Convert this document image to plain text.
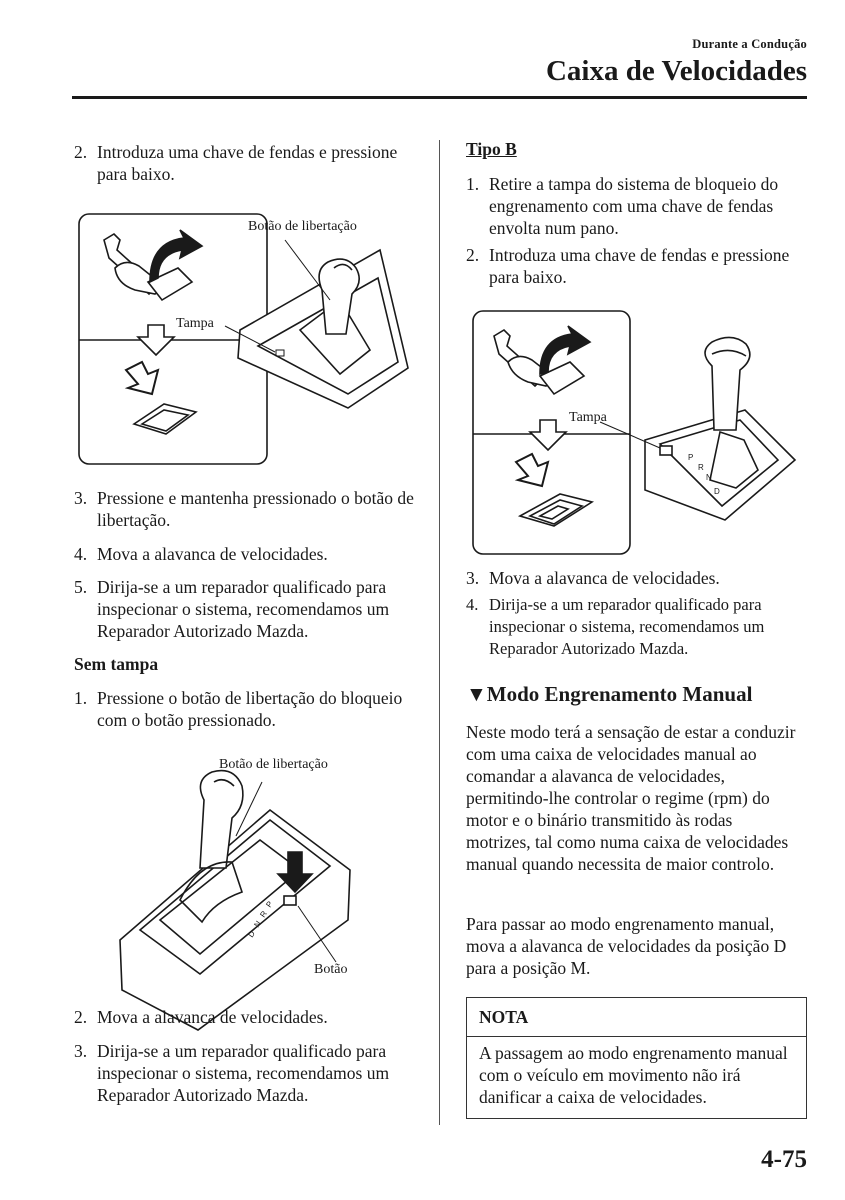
Durante a Condução
Caixa de Velocidades
2. Introduza uma chave de fendas e pressione para baixo.
Botão de libertação
Tampa
3. Pressione e mantenha pressionado o botão de libertação.
4. Mova a alavanca de velocidades.
5. Dirija-se a um reparador qualificado para inspecionar o sistema, recomendamos um Reparador Autorizado Mazda.
Sem tampa
1. Pressione o botão de libertação do bloqueio com o botão pressionado.
P
R
N
D
Botão de libertação
Botão
2. Mova a alavanca de velocidades.
3. Dirija-se a um reparador qualificado para inspecionar o sistema, recomendamos um Reparador Autorizado Mazda.
Tipo B
1. Retire a tampa do sistema de bloqueio do engrenamento com uma chave de fendas envolta num pano.
2. Introduza uma chave de fendas e pressione para baixo.
P
R
N
D
Tampa
3. Mova a alavanca de velocidades.
4. Dirija-se a um reparador qualificado para inspecionar o sistema, recomendamos um Reparador Autorizado Mazda.
▼Modo Engrenamento Manual
Neste modo terá a sensação de estar a conduzir com uma caixa de velocidades manual ao comandar a alavanca de velocidades, permitindo-lhe controlar o regime (rpm) do motor e o binário transmitido às rodas motrizes, tal como numa caixa de velocidades manual quando necessita de maior controlo.
Para passar ao modo engrenamento manual, mova a alavanca de velocidades da posição D para a posição M.
NOTA
A passagem ao modo engrenamento manual com o veículo em movimento não irá danificar a caixa de velocidades.
4-75
